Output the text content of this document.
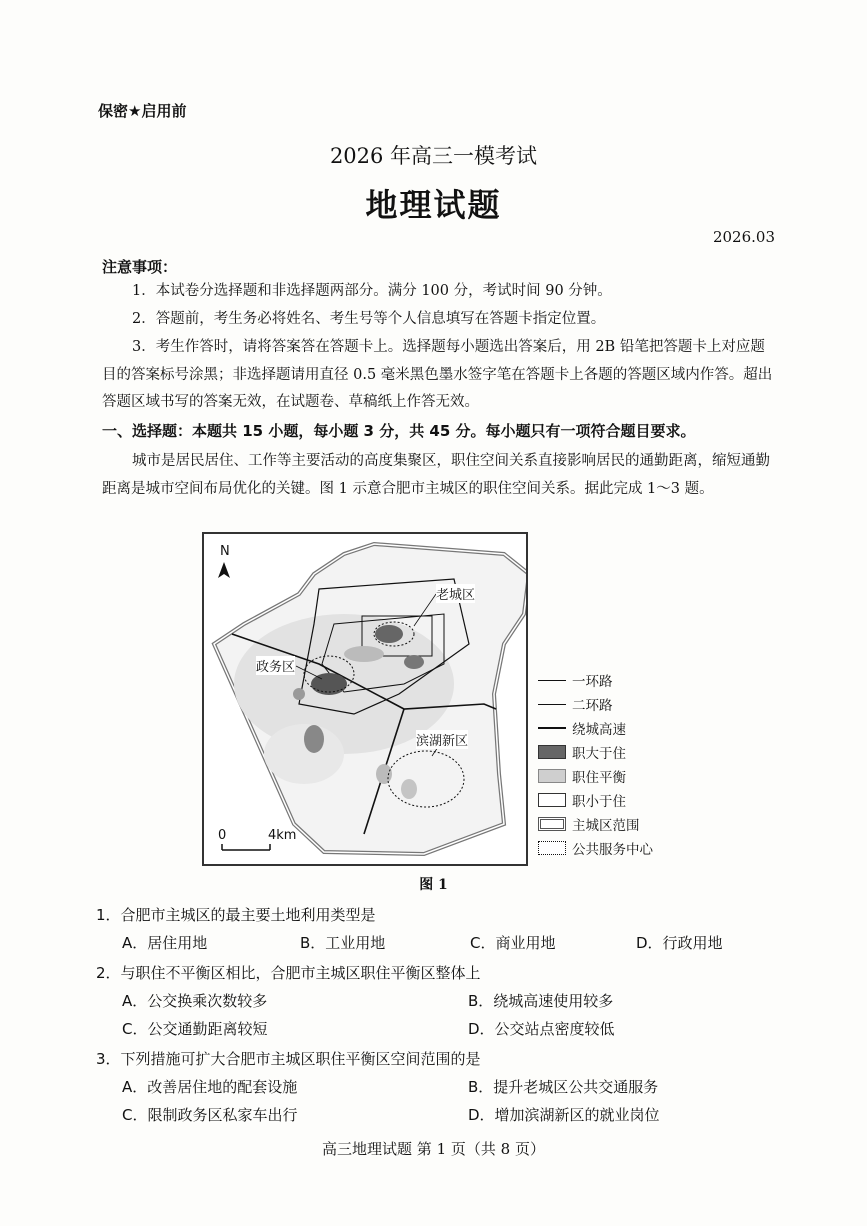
保密★启用前
2026 年高三一模考试
地理试题
2026.03
注意事项：
1．本试卷分选择题和非选择题两部分。满分 100 分，考试时间 90 分钟。
2．答题前，考生务必将姓名、考生号等个人信息填写在答题卡指定位置。
3．考生作答时，请将答案答在答题卡上。选择题每小题选出答案后，用 2B 铅笔把答题卡上对应题目的答案标号涂黑；非选择题请用直径 0.5 毫米黑色墨水签字笔在答题卡上各题的答题区域内作答。超出答题区域书写的答案无效，在试题卷、草稿纸上作答无效。
一、选择题：本题共 15 小题，每小题 3 分，共 45 分。每小题只有一项符合题目要求。
城市是居民居住、工作等主要活动的高度集聚区，职住空间关系直接影响居民的通勤距离，缩短通勤距离是城市空间布局优化的关键。图 1 示意合肥市主城区的职住空间关系。据此完成 1～3 题。
N
0	4km
老城区
政务区
滨湖新区
一环路
二环路
绕城高速
职大于住
职住平衡
职小于住
主城区范围
公共服务中心
图 1
1．合肥市主城区的最主要土地利用类型是
A．居住用地	B．工业用地	C．商业用地	D．行政用地
2．与职住不平衡区相比，合肥市主城区职住平衡区整体上
A．公交换乘次数较多	B．绕城高速使用较多
C．公交通勤距离较短	D．公交站点密度较低
3．下列措施可扩大合肥市主城区职住平衡区空间范围的是
A．改善居住地的配套设施	B．提升老城区公共交通服务
C．限制政务区私家车出行	D．增加滨湖新区的就业岗位
高三地理试题 第 1 页（共 8 页）
